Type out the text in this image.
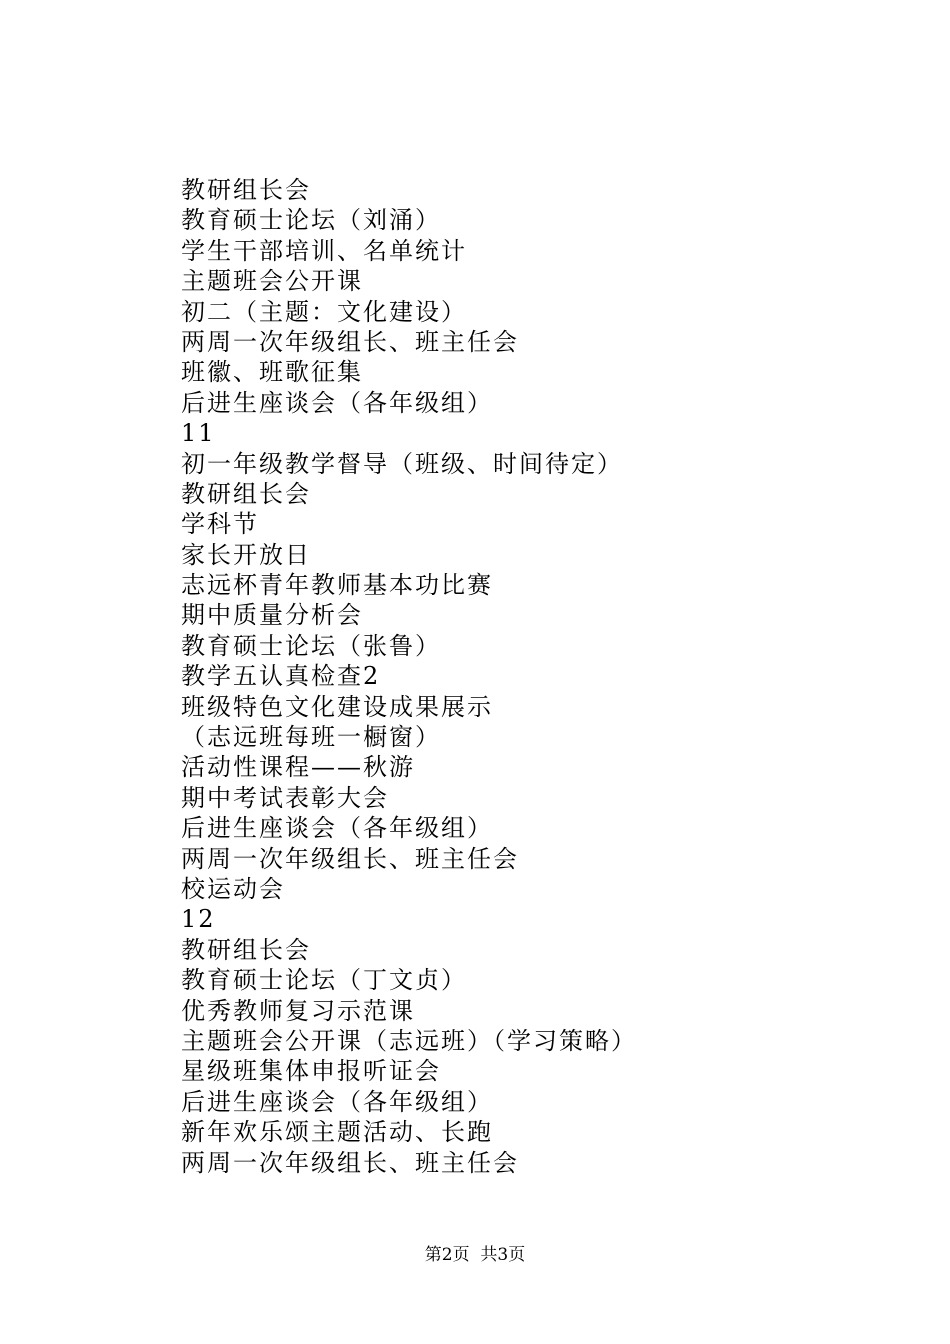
教研组长会
教育硕士论坛（刘涌）
学生干部培训、名单统计
主题班会公开课
初二（主题：文化建设）
两周一次年级组长、班主任会
班徽、班歌征集
后进生座谈会（各年级组）
11
初一年级教学督导（班级、时间待定）
教研组长会
学科节
家长开放日
志远杯青年教师基本功比赛
期中质量分析会
教育硕士论坛（张鲁）
教学五认真检查2
班级特色文化建设成果展示
（志远班每班一橱窗）
活动性课程——秋游
期中考试表彰大会
后进生座谈会（各年级组）
两周一次年级组长、班主任会
校运动会
12
教研组长会
教育硕士论坛（丁文贞）
优秀教师复习示范课
主题班会公开课（志远班）（学习策略）
星级班集体申报听证会
后进生座谈会（各年级组）
新年欢乐颂主题活动、长跑
两周一次年级组长、班主任会
第2页  共3页
